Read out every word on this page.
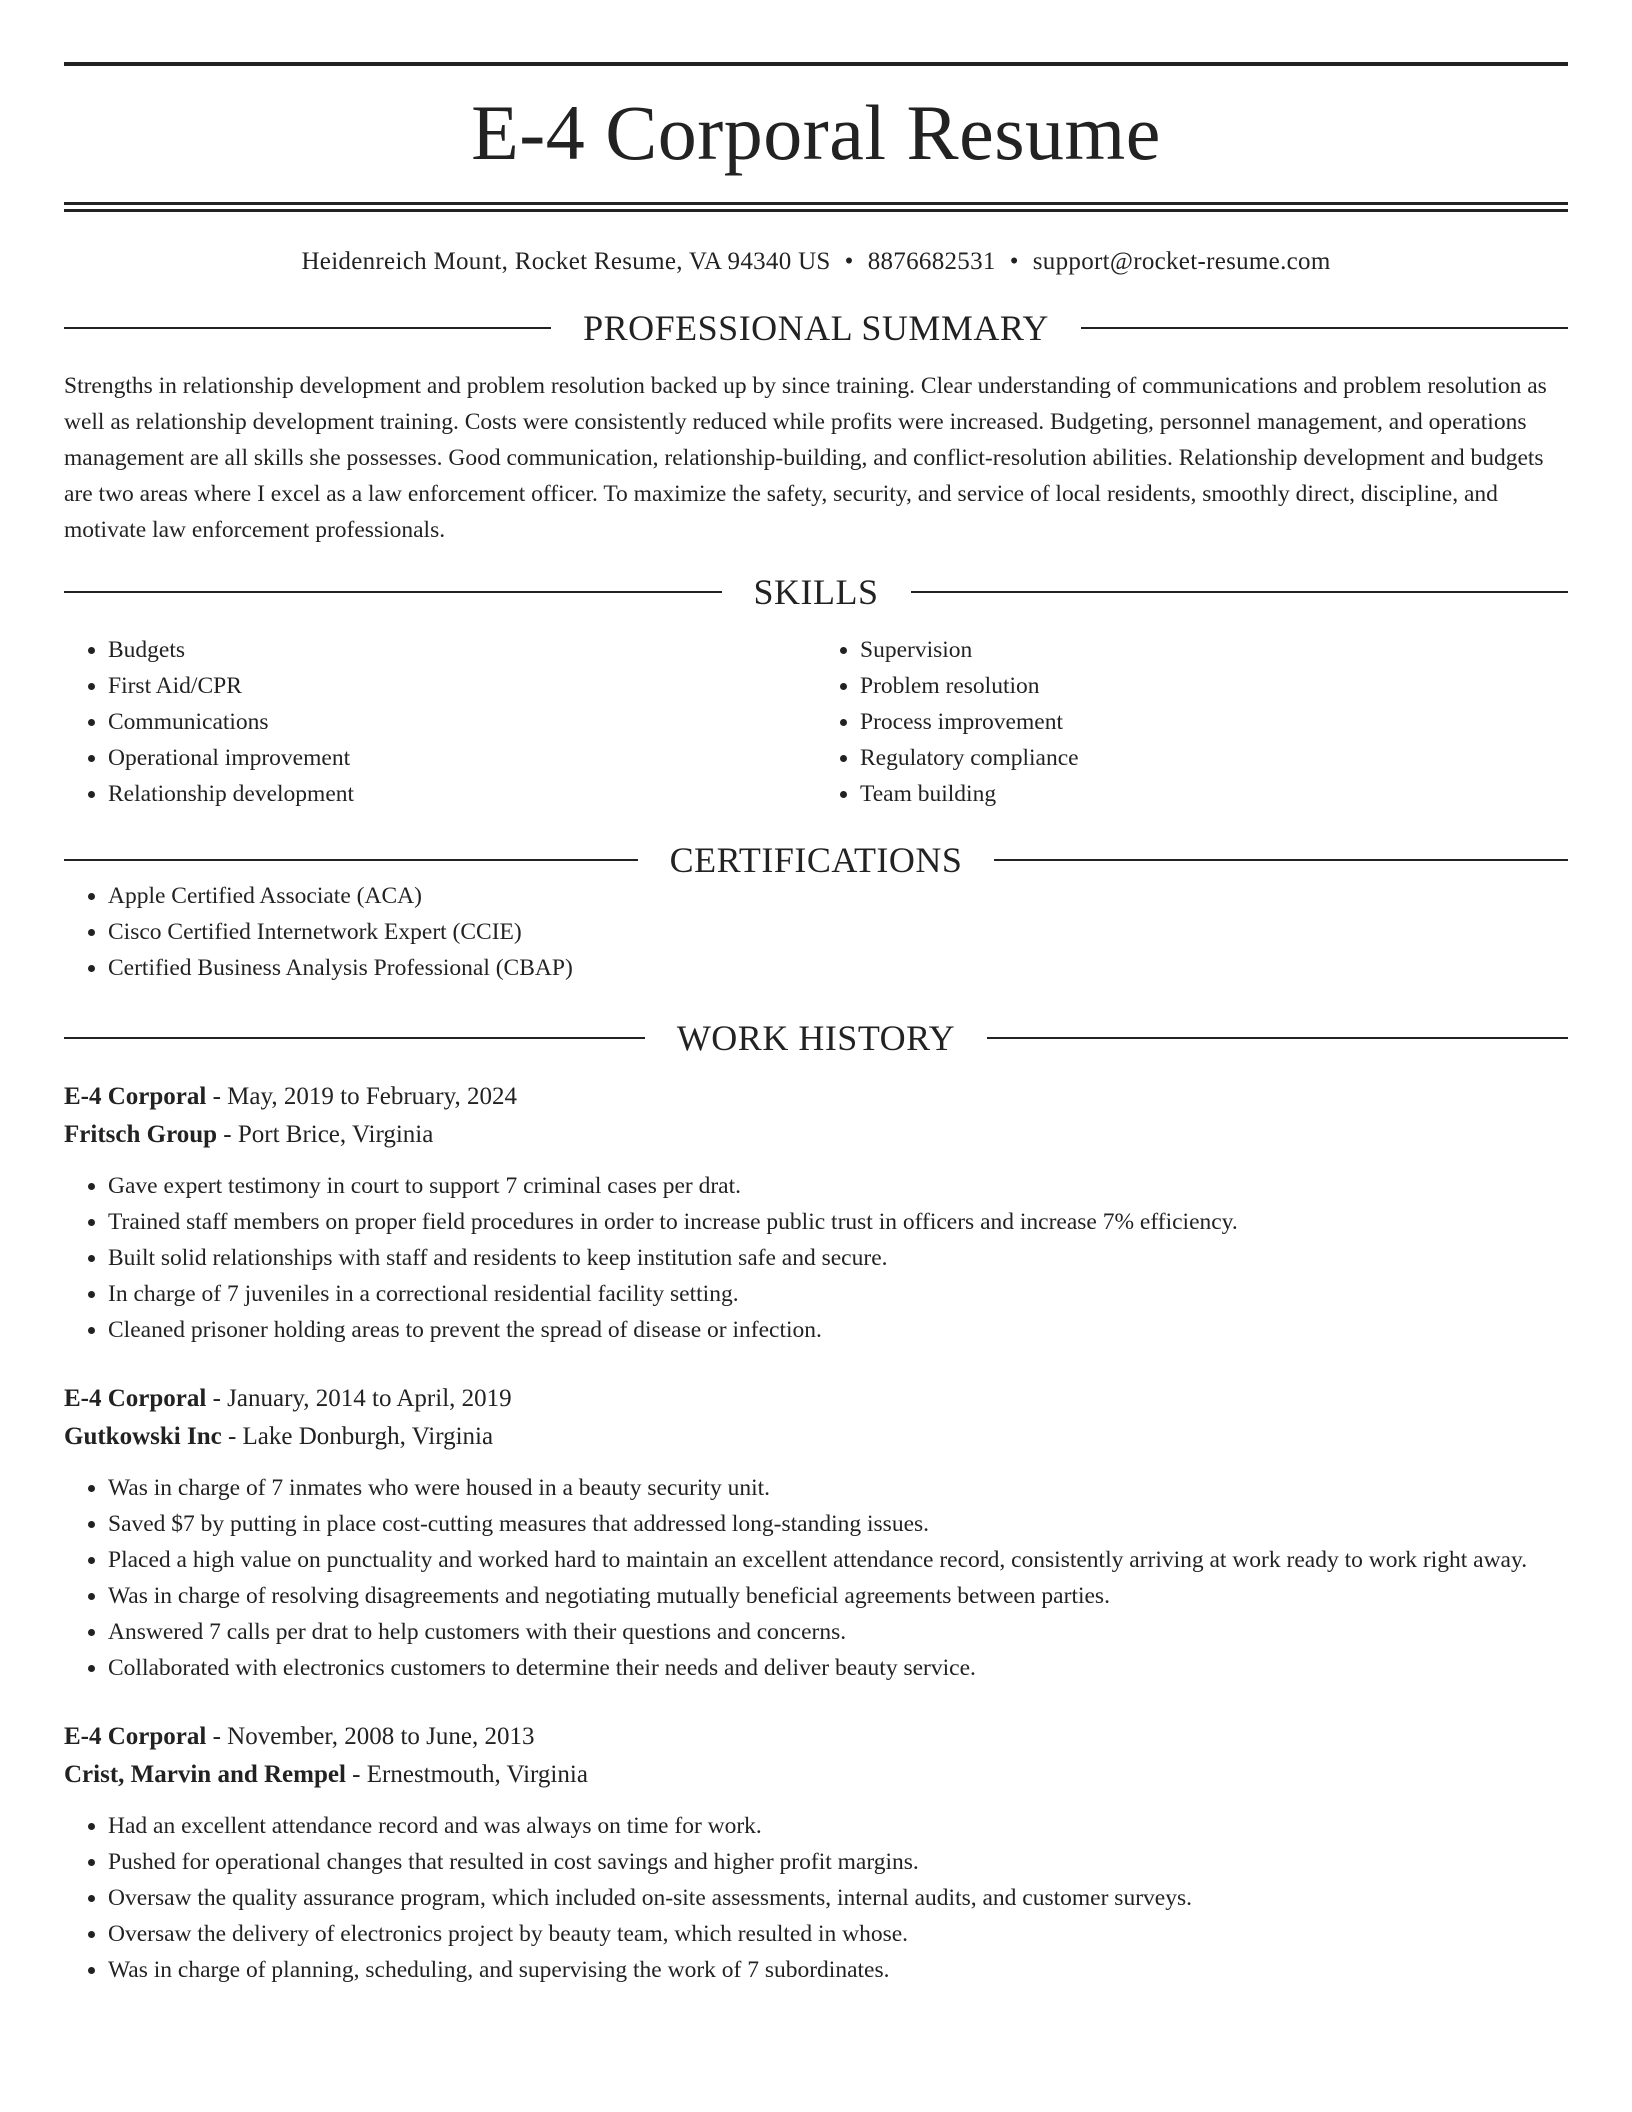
E-4 Corporal Resume
Heidenreich Mount, Rocket Resume, VA 94340 US • 8876682531 • support@rocket-resume.com
PROFESSIONAL SUMMARY

Strengths in relationship development and problem resolution backed up by since training. Clear understanding of communications and problem resolution as well as relationship development training. Costs were consistently reduced while profits were increased. Budgeting, personnel management, and operations management are all skills she possesses. Good communication, relationship-building, and conflict-resolution abilities. Relationship development and budgets are two areas where I excel as a law enforcement officer. To maximize the safety, security, and service of local residents, smoothly direct, discipline, and motivate law enforcement professionals.

SKILLS
• Budgets
• First Aid/CPR
• Communications
• Operational improvement
• Relationship development
• Supervision
• Problem resolution
• Process improvement
• Regulatory compliance
• Team building
CERTIFICATIONS
• Apple Certified Associate (ACA)
• Cisco Certified Internetwork Expert (CCIE)
• Certified Business Analysis Professional (CBAP)
WORK HISTORY
E-4 Corporal - May, 2019 to February, 2024
Fritsch Group - Port Brice, Virginia
• Gave expert testimony in court to support 7 criminal cases per drat.
• Trained staff members on proper field procedures in order to increase public trust in officers and increase 7% efficiency.
• Built solid relationships with staff and residents to keep institution safe and secure.
• In charge of 7 juveniles in a correctional residential facility setting.
• Cleaned prisoner holding areas to prevent the spread of disease or infection.
E-4 Corporal - January, 2014 to April, 2019
Gutkowski Inc - Lake Donburgh, Virginia
• Was in charge of 7 inmates who were housed in a beauty security unit.
• Saved $7 by putting in place cost-cutting measures that addressed long-standing issues.
• Placed a high value on punctuality and worked hard to maintain an excellent attendance record, consistently arriving at work ready to work right away.
• Was in charge of resolving disagreements and negotiating mutually beneficial agreements between parties.
• Answered 7 calls per drat to help customers with their questions and concerns.
• Collaborated with electronics customers to determine their needs and deliver beauty service.
E-4 Corporal - November, 2008 to June, 2013
Crist, Marvin and Rempel - Ernestmouth, Virginia
• Had an excellent attendance record and was always on time for work.
• Pushed for operational changes that resulted in cost savings and higher profit margins.
• Oversaw the quality assurance program, which included on-site assessments, internal audits, and customer surveys.
• Oversaw the delivery of electronics project by beauty team, which resulted in whose.
• Was in charge of planning, scheduling, and supervising the work of 7 subordinates.
